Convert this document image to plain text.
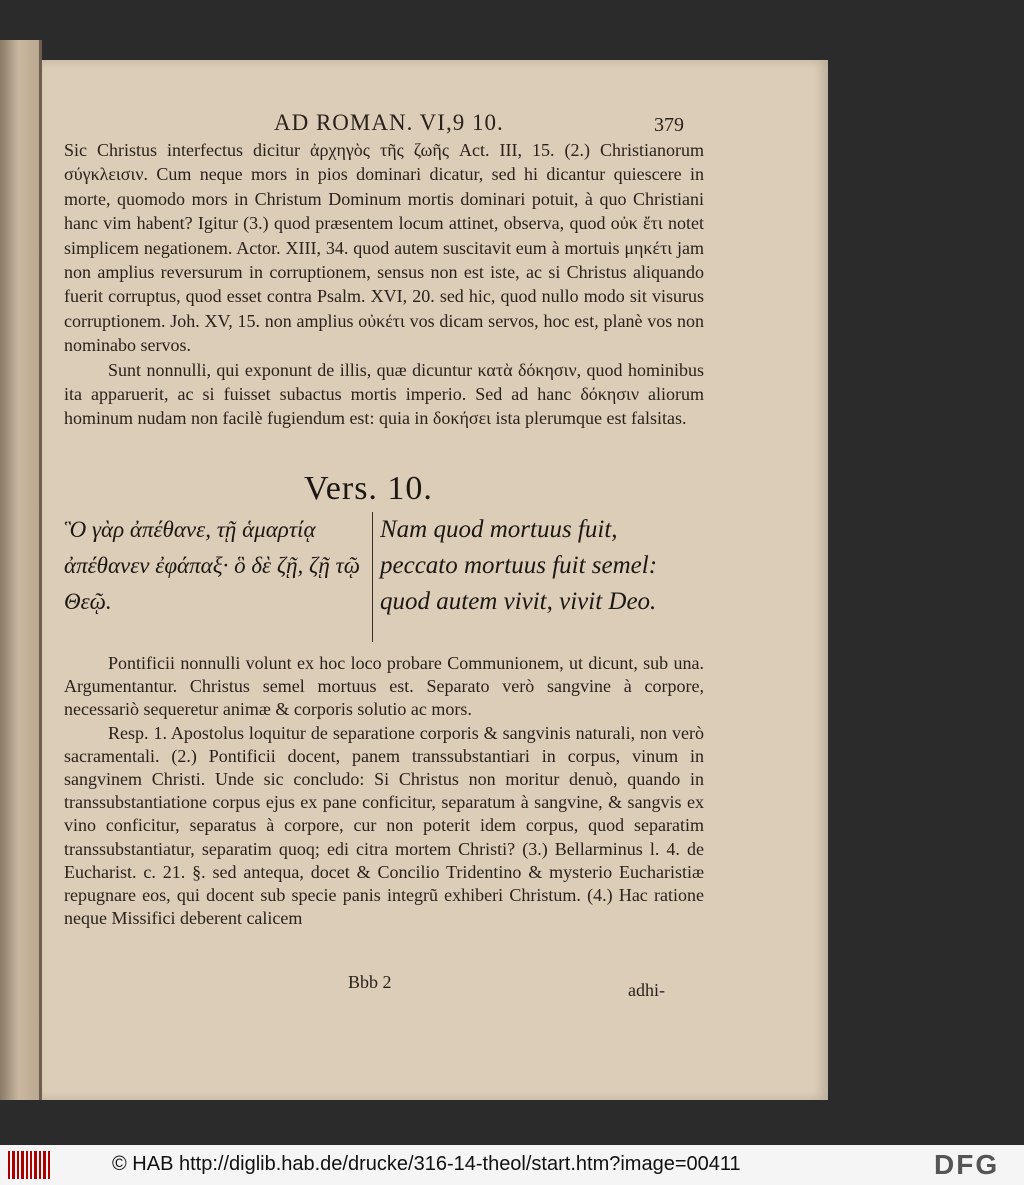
AD ROMAN. VI,9 10.	379

Sic Christus interfectus dicitur ἀρχηγὸς τῆς ζωῆς Act. III, 15. (2.) Christianorum σύγκλεισιν. Cum neque mors in pios dominari dicatur, sed hi dicantur quiescere in morte, quomodo mors in Christum Dominum mortis dominari potuit, à quo Christiani hanc vim habent? Igitur (3.) quod præsentem locum attinet, observa, quod οὐκ ἔτι notet simplicem negationem. Actor. XIII, 34. quod autem suscitavit eum à mortuis μηκέτι jam non amplius reversurum in corruptionem, sensus non est iste, ac si Christus aliquando fuerit corruptus, quod esset contra Psalm. XVI, 20. sed hic, quod nullo modo sit visurus corruptionem. Joh. XV, 15. non amplius οὐκέτι vos dicam servos, hoc est, planè vos non nominabo servos.

Sunt nonnulli, qui exponunt de illis, quæ dicuntur κατὰ δόκησιν, quod hominibus ita apparuerit, ac si fuisset subactus mortis imperio. Sed ad hanc δόκησιν aliorum hominum nudam non facilè fugiendum est: quia in δοκήσει ista plerumque est falsitas.

Vers. 10.
Ὃ γὰρ ἀπέθανε, τῇ ἁμαρτίᾳ ἀπέθανεν ἐφάπαξ· ὃ δὲ ζῇ, ζῇ τῷ Θεῷ.
Nam quod mortuus fuit, peccato mortuus fuit semel: quod autem vivit, vivit Deo.

Pontificii nonnulli volunt ex hoc loco probare Communionem, ut dicunt, sub una. Argumentantur. Christus semel mortuus est. Separato verò sangvine à corpore, necessariò sequeretur animæ & corporis solutio ac mors.

Resp. 1. Apostolus loquitur de separatione corporis & sangvinis naturali, non verò sacramentali. (2.) Pontificii docent, panem transsubstantiari in corpus, vinum in sangvinem Christi. Unde sic concludo: Si Christus non moritur denuò, quando in transsubstantiatione corpus ejus ex pane conficitur, separatum à sangvine, & sangvis ex vino conficitur, separatus à corpore, cur non poterit idem corpus, quod separatim transsubstantiatur, separatim quoq; edi citra mortem Christi? (3.) Bellarminus l. 4. de Eucharist. c. 21. §. sed antequa, docet & Concilio Tridentino & mysterio Eucharistiæ repugnare eos, qui docent sub specie panis integrũ exhiberi Christum. (4.) Hac ratione neque Missifici deberent calicem

Bbb 2	adhi-
© HAB http://diglib.hab.de/drucke/316-14-theol/start.htm?image=00411	DFG
